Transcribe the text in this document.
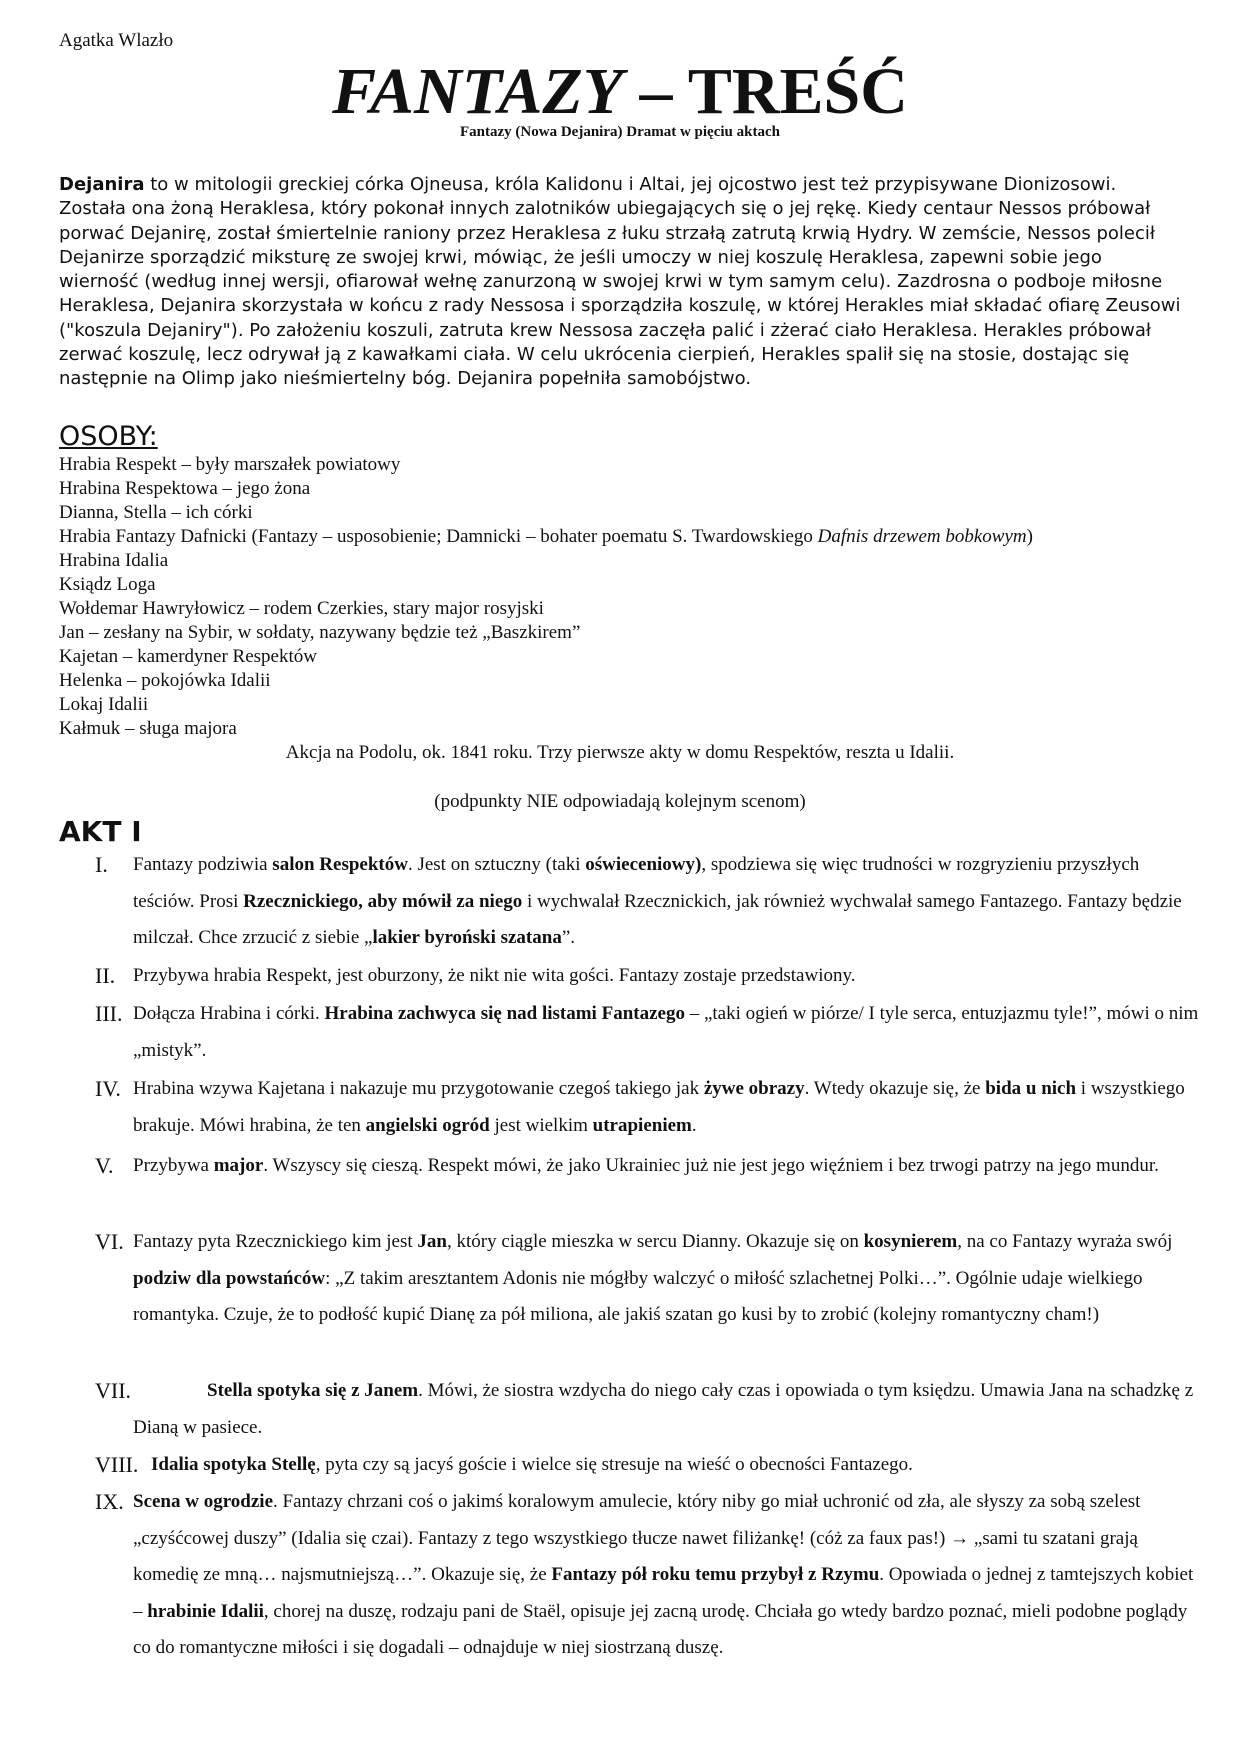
Agatka Wlazło
FANTAZY – TREŚĆ
Fantazy (Nowa Dejanira) Dramat w pięciu aktach
Dejanira to w mitologii greckiej córka Ojneusa, króla Kalidonu i Altai, jej ojcostwo jest też przypisywane Dionizosowi. Została ona żoną Heraklesa, który pokonał innych zalotników ubiegających się o jej rękę. Kiedy centaur Nessos próbował porwać Dejanirę, został śmiertelnie raniony przez Heraklesa z łuku strzałą zatrutą krwią Hydry. W zemście, Nessos polecił Dejanirze sporządzić miksturę ze swojej krwi, mówiąc, że jeśli umoczy w niej koszulę Heraklesa, zapewni sobie jego wierność (według innej wersji, ofiarował wełnę zanurzoną w swojej krwi w tym samym celu). Zazdrosna o podboje miłosne Heraklesa, Dejanira skorzystała w końcu z rady Nessosa i sporządziła koszulę, w której Herakles miał składać ofiarę Zeusowi ("koszula Dejaniry"). Po założeniu koszuli, zatruta krew Nessosa zaczęła palić i zżerać ciało Heraklesa. Herakles próbował zerwać koszulę, lecz odrywał ją z kawałkami ciała. W celu ukrócenia cierpień, Herakles spalił się na stosie, dostając się następnie na Olimp jako nieśmiertelny bóg. Dejanira popełniła samobójstwo.
OSOBY:
Hrabia Respekt – były marszałek powiatowy
Hrabina Respektowa – jego żona
Dianna, Stella – ich córki
Hrabia Fantazy Dafnicki (Fantazy – usposobienie; Damnicki – bohater poematu S. Twardowskiego Dafnis drzewem bobkowym)
Hrabina Idalia
Ksiądz Loga
Wołdemar Hawryłowicz – rodem Czerkies, stary major rosyjski
Jan – zesłany na Sybir, w sołdaty, nazywany będzie też „Baszkirem”
Kajetan – kamerdyner Respektów
Helenka – pokojówka Idalii
Lokaj Idalii
Kałmuk – sługa majora
Akcja na Podolu, ok. 1841 roku. Trzy pierwsze akty w domu Respektów, reszta u Idalii.
(podpunkty NIE odpowiadają kolejnym scenom)
AKT I
I. Fantazy podziwia salon Respektów. Jest on sztuczny (taki oświeceniowy), spodziewa się więc trudności w rozgryzieniu przyszłych teściów. Prosi Rzecznickiego, aby mówił za niego i wychwalał Rzecznickich, jak również wychwalał samego Fantazego. Fantazy będzie milczał. Chce zrzucić z siebie „lakier byroński szatana”.
II. Przybywa hrabia Respekt, jest oburzony, że nikt nie wita gości. Fantazy zostaje przedstawiony.
III. Dołącza Hrabina i córki. Hrabina zachwyca się nad listami Fantazego – „taki ogień w piórze/ I tyle serca, entuzjazmu tyle!”, mówi o nim „mistyk”.
IV. Hrabina wzywa Kajetana i nakazuje mu przygotowanie czegoś takiego jak żywe obrazy. Wtedy okazuje się, że bida u nich i wszystkiego brakuje. Mówi hrabina, że ten angielski ogród jest wielkim utrapieniem.
V. Przybywa major. Wszyscy się cieszą. Respekt mówi, że jako Ukrainiec już nie jest jego więźniem i bez trwogi patrzy na jego mundur.
VI. Fantazy pyta Rzecznickiego kim jest Jan, który ciągle mieszka w sercu Dianny. Okazuje się on kosynierem, na co Fantazy wyraża swój podziw dla powstańców: „Z takim aresztantem Adonis nie mógłby walczyć o miłość szlachetnej Polki…”. Ogólnie udaje wielkiego romantyka. Czuje, że to podłość kupić Dianę za pół miliona, ale jakiś szatan go kusi by to zrobić (kolejny romantyczny cham!)
VII.	Stella spotyka się z Janem. Mówi, że siostra wzdycha do niego cały czas i opowiada o tym księdzu. Umawia Jana na schadzkę z Dianą w pasiece.
VIII. Idalia spotyka Stellę, pyta czy są jacyś goście i wielce się stresuje na wieść o obecności Fantazego.
IX. Scena w ogrodzie. Fantazy chrzani coś o jakimś koralowym amulecie, który niby go miał uchronić od zła, ale słyszy za sobą szelest „czyśćcowej duszy” (Idalia się czai). Fantazy z tego wszystkiego tłucze nawet filiżankę! (cóż za faux pas!) → „sami tu szatani grają komedię ze mną… najsmutniejszą…”. Okazuje się, że Fantazy pół roku temu przybył z Rzymu. Opowiada o jednej z tamtejszych kobiet – hrabinie Idalii, chorej na duszę, rodzaju pani de Staël, opisuje jej zacną urodę. Chciała go wtedy bardzo poznać, mieli podobne poglądy co do romantyczne miłości i się dogadali – odnajduje w niej siostrzaną duszę.
